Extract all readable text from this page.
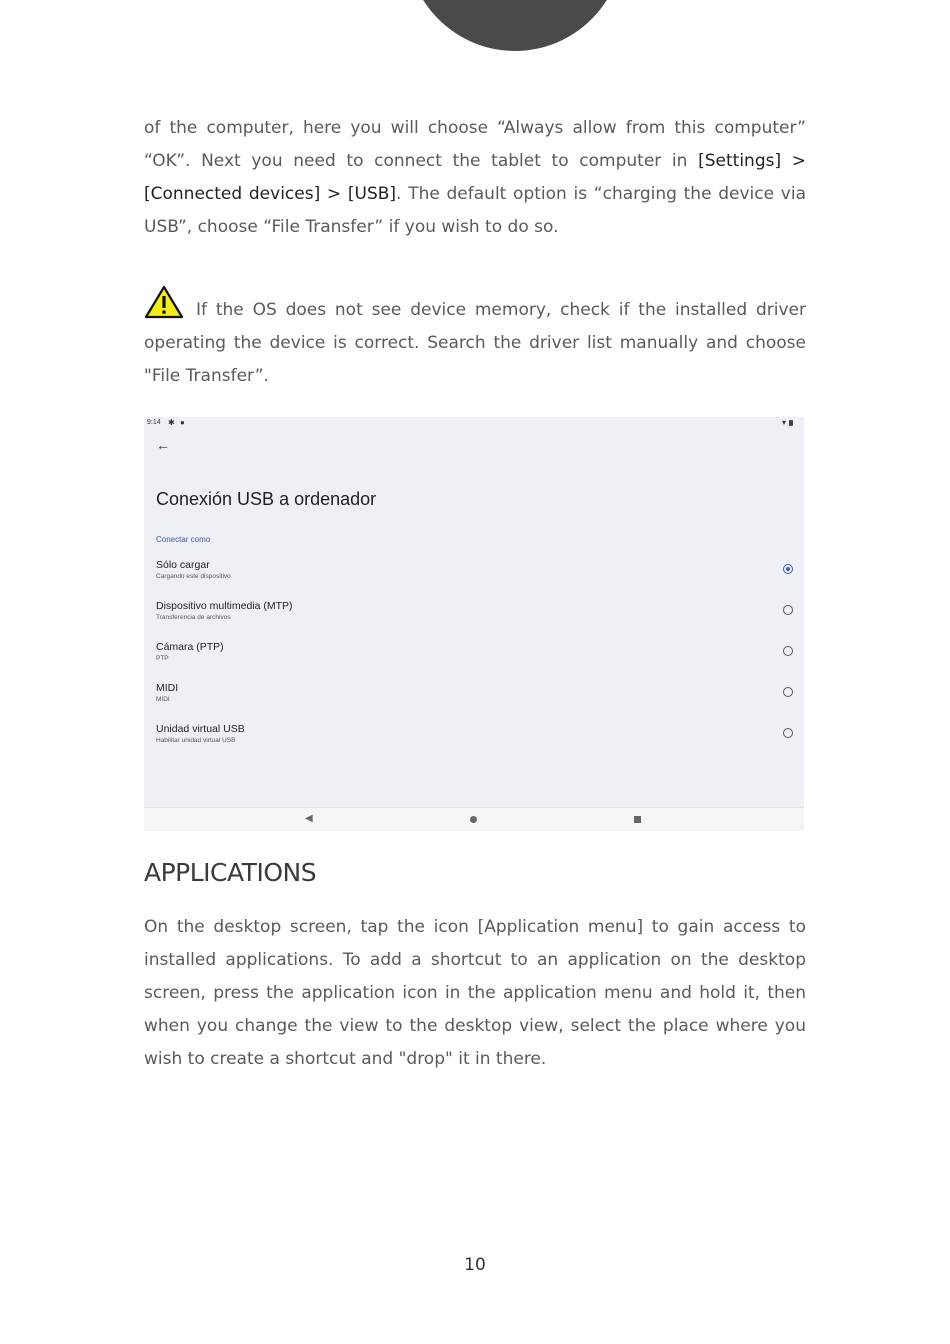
of the computer, here you will choose “Always allow from this computer” “OK”. Next you need to connect the tablet to computer in [Settings] > [Connected devices] > [USB]. The default option is “charging the device via USB”, choose “File Transfer” if you wish to do so.

If the OS does not see device memory, check if the installed driver operating the device is correct. Search the driver list manually and choose "File Transfer”.

9:14 ✱ ●	▾
←
Conexión USB a ordenador
Conectar como
Sólo cargar
Cargando este dispositivo
Dispositivo multimedia (MTP)
Transferencia de archivos
Cámara (PTP)
PTP
MIDI
MIDI
Unidad virtual USB
Habilitar unidad virtual USB
◀
APPLICATIONS

On the desktop screen, tap the icon [Application menu] to gain access to installed applications. To add a shortcut to an application on the desktop screen, press the application icon in the application menu and hold it, then when you change the view to the desktop view, select the place where you wish to create a shortcut and "drop" it in there.

10
